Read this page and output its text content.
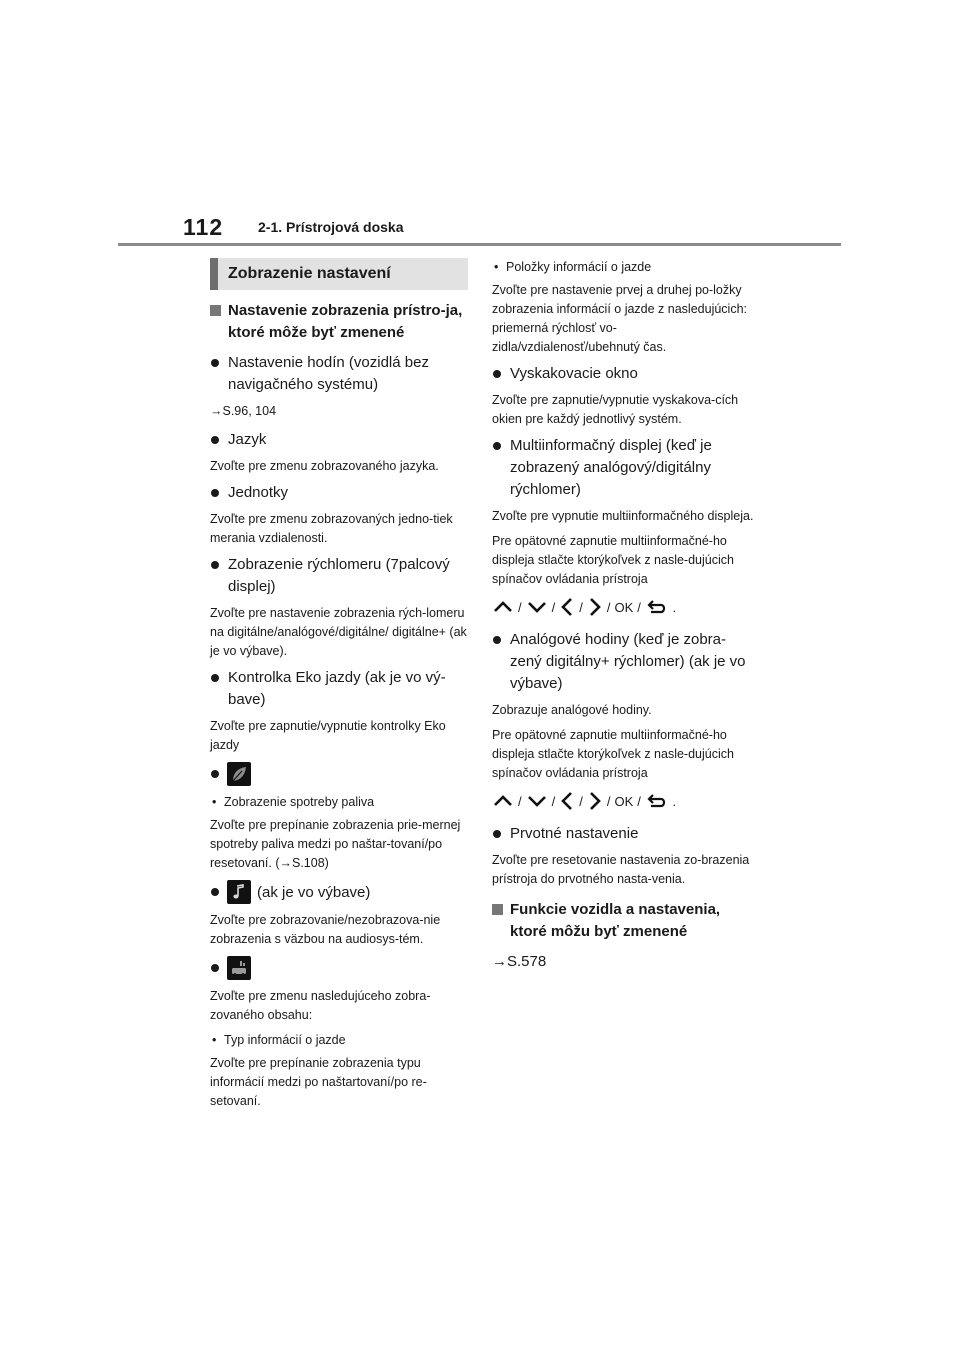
112 2-1. Prístrojová doska
Zobrazenie nastavení
Nastavenie zobrazenia prístro-ja, ktoré môže byť zmenené
Nastavenie hodín (vozidlá bez navigačného systému)
→S.96, 104
Jazyk
Zvoľte pre zmenu zobrazovaného jazyka.
Jednotky
Zvoľte pre zmenu zobrazovaných jedno-tiek merania vzdialenosti.
Zobrazenie rýchlomeru (7palcový displej)
Zvoľte pre nastavenie zobrazenia rých-lomeru na digitálne/analógové/digitálne/ digitálne+ (ak je vo výbave).
Kontrolka Eko jazdy (ak je vo vý-bave)
Zvoľte pre zapnutie/vypnutie kontrolky Eko jazdy
• Zobrazenie spotreby paliva
Zvoľte pre prepínanie zobrazenia prie-mernej spotreby paliva medzi po naštar-tovaní/po resetovaní. (→S.108)
(ak je vo výbave)
Zvoľte pre zobrazovanie/nezobrazova-nie zobrazenia s väzbou na audiosys-tém.
Zvoľte pre zmenu nasledujúceho zobra-zovaného obsahu:
• Typ informácií o jazde
Zvoľte pre prepínanie zobrazenia typu informácií medzi po naštartovaní/po re-setovaní.
• Položky informácií o jazde
Zvoľte pre nastavenie prvej a druhej po-ložky zobrazenia informácií o jazde z nasledujúcich: priemerná rýchlosť vo-zidla/vzdialenosť/ubehnutý čas.
Vyskakovacie okno
Zvoľte pre zapnutie/vypnutie vyskakova-cích okien pre každý jednotlivý systém.
Multiinformačný displej (keď je zobrazený analógový/digitálny rýchlomer)
Zvoľte pre vypnutie multiinformačného displeja.
Pre opätovné zapnutie multiinformačné-ho displeja stlačte ktorýkoľvek z nasle-dujúcich spínačov ovládania prístroja
/ / / / OK / .
Analógové hodiny (keď je zobra-zený digitálny+ rýchlomer) (ak je vo výbave)
Zobrazuje analógové hodiny.
Pre opätovné zapnutie multiinformačné-ho displeja stlačte ktorýkoľvek z nasle-dujúcich spínačov ovládania prístroja
/ / / / OK / .
Prvotné nastavenie
Zvoľte pre resetovanie nastavenia zo-brazenia prístroja do prvotného nasta-venia.
Funkcie vozidla a nastavenia, ktoré môžu byť zmenené
→S.578
